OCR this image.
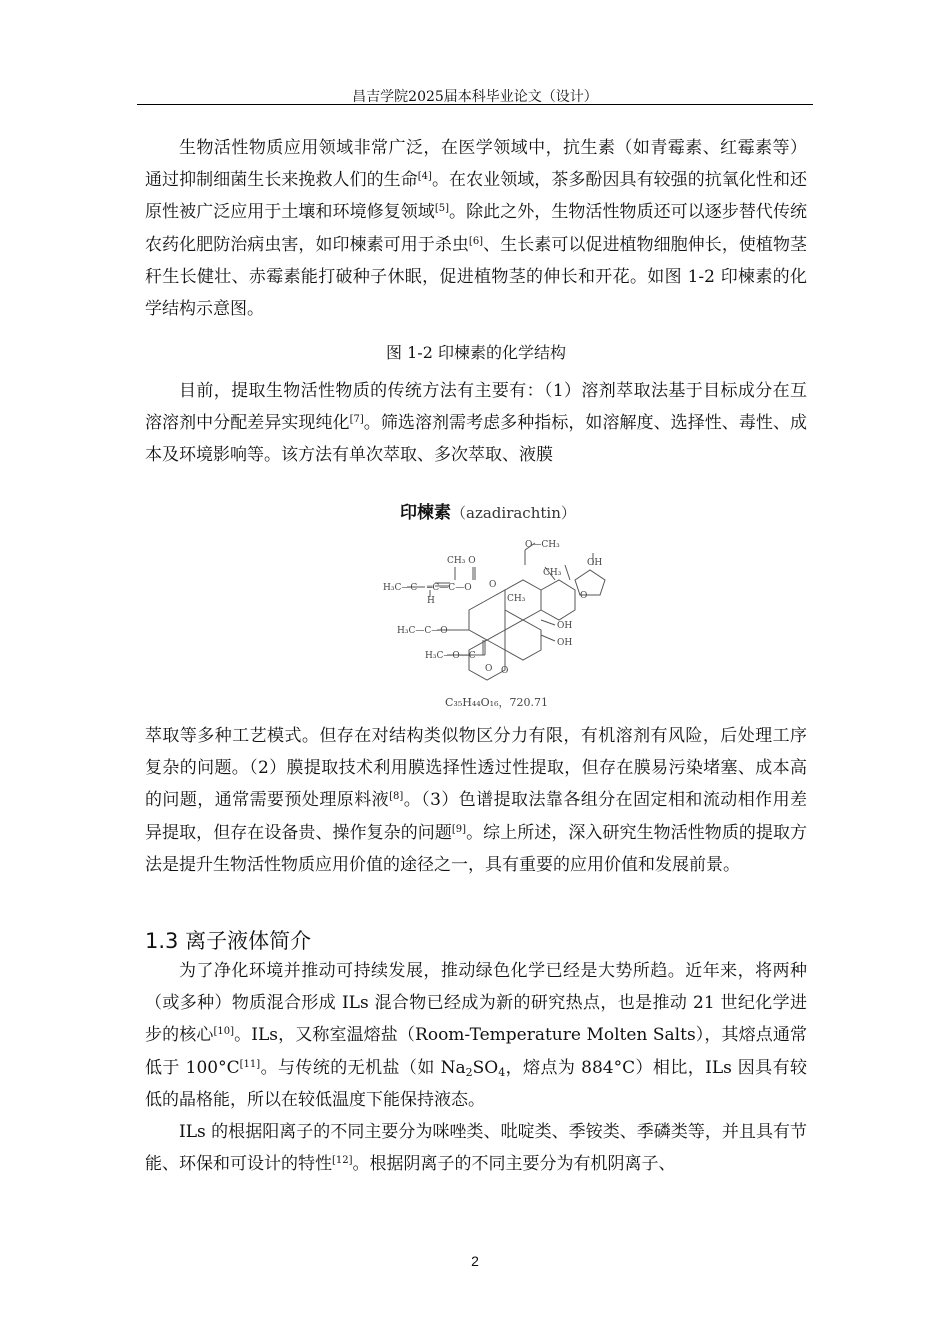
昌吉学院2025届本科毕业论文（设计）

生物活性物质应用领域非常广泛，在医学领域中，抗生素（如青霉素、红霉素等）通过抑制细菌生长来挽救人们的生命[4]。在农业领域，茶多酚因具有较强的抗氧化性和还原性被广泛应用于土壤和环境修复领域[5]。除此之外，生物活性物质还可以逐步替代传统农药化肥防治病虫害，如印楝素可用于杀虫[6]、生长素可以促进植物细胞伸长，使植物茎秆生长健壮、赤霉素能打破种子休眠，促进植物茎的伸长和开花。如图 1-2 印楝素的化学结构示意图。

图 1-2 印楝素的化学结构

目前，提取生物活性物质的传统方法有主要有：（1）溶剂萃取法基于目标成分在互溶溶剂中分配差异实现纯化[7]。筛选溶剂需考虑多种指标，如溶解度、选择性、毒性、成本及环境影响等。该方法有单次萃取、多次萃取、液膜

印楝素（azadirachtin）
O—CH₃
CH₃ O
H₃C—C ═C—C—O
H
O
OH
OH
OH
CH₃
CH₃
H₃C—C—O
H₃C—O—C
O O
O
C₃₅H₄₄O₁₆，720.71

萃取等多种工艺模式。但存在对结构类似物区分力有限，有机溶剂有风险，后处理工序复杂的问题。（2）膜提取技术利用膜选择性透过性提取，但存在膜易污染堵塞、成本高的问题，通常需要预处理原料液[8]。（3）色谱提取法靠各组分在固定相和流动相作用差异提取，但存在设备贵、操作复杂的问题[9]。综上所述，深入研究生物活性物质的提取方法是提升生物活性物质应用价值的途径之一，具有重要的应用价值和发展前景。

1.3 离子液体简介

为了净化环境并推动可持续发展，推动绿色化学已经是大势所趋。近年来，将两种（或多种）物质混合形成 ILs 混合物已经成为新的研究热点，也是推动 21 世纪化学进步的核心[10]。ILs，又称室温熔盐（Room-Temperature Molten Salts），其熔点通常低于 100°C[11]。与传统的无机盐（如 $Na_2SO_4$，熔点为 884°C）相比，ILs 因具有较低的晶格能，所以在较低温度下能保持液态。

ILs 的根据阳离子的不同主要分为咪唑类、吡啶类、季铵类、季磷类等，并且具有节能、环保和可设计的特性[12]。根据阴离子的不同主要分为有机阴离子、

2
